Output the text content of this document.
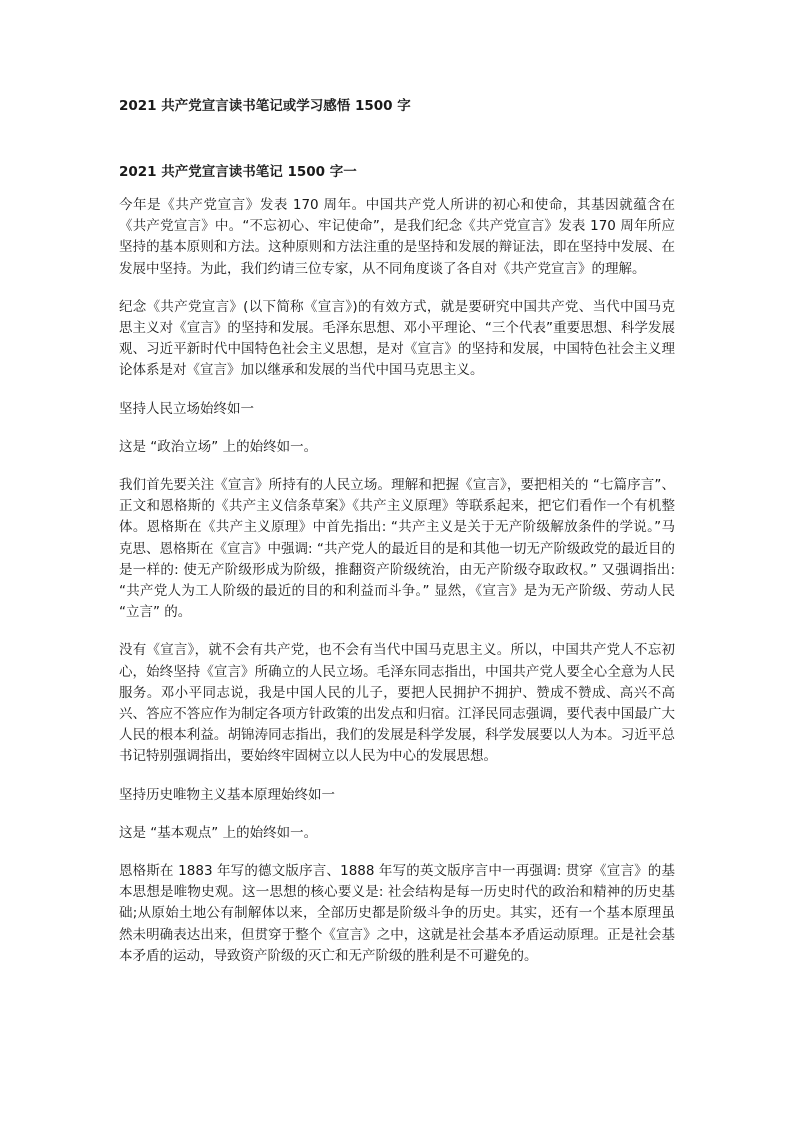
2021 共产党宣言读书笔记或学习感悟 1500 字

2021 共产党宣言读书笔记 1500 字一

今年是《共产党宣言》发表 170 周年。中国共产党人所讲的初心和使命，其基因就蕴含在《共产党宣言》中。“不忘初心、牢记使命”，是我们纪念《共产党宣言》发表 170 周年所应坚持的基本原则和方法。这种原则和方法注重的是坚持和发展的辩证法，即在坚持中发展、在发展中坚持。为此，我们约请三位专家，从不同角度谈了各自对《共产党宣言》的理解。

纪念《共产党宣言》(以下简称《宣言》)的有效方式，就是要研究中国共产党、当代中国马克思主义对《宣言》的坚持和发展。毛泽东思想、邓小平理论、“三个代表”重要思想、科学发展观、习近平新时代中国特色社会主义思想，是对《宣言》的坚持和发展，中国特色社会主义理论体系是对《宣言》加以继承和发展的当代中国马克思主义。

坚持人民立场始终如一

这是 “政治立场” 上的始终如一。

我们首先要关注《宣言》所持有的人民立场。理解和把握《宣言》，要把相关的 “七篇序言”、正文和恩格斯的《共产主义信条草案》《共产主义原理》等联系起来，把它们看作一个有机整体。恩格斯在《共产主义原理》中首先指出: “共产主义是关于无产阶级解放条件的学说。”马克思、恩格斯在《宣言》中强调: “共产党人的最近目的是和其他一切无产阶级政党的最近目的是一样的: 使无产阶级形成为阶级，推翻资产阶级统治，由无产阶级夺取政权。” 又强调指出: “共产党人为工人阶级的最近的目的和利益而斗争。” 显然，《宣言》是为无产阶级、劳动人民 “立言” 的。

没有《宣言》，就不会有共产党，也不会有当代中国马克思主义。所以，中国共产党人不忘初心，始终坚持《宣言》所确立的人民立场。毛泽东同志指出，中国共产党人要全心全意为人民服务。邓小平同志说，我是中国人民的儿子，要把人民拥护不拥护、赞成不赞成、高兴不高兴、答应不答应作为制定各项方针政策的出发点和归宿。江泽民同志强调，要代表中国最广大人民的根本利益。胡锦涛同志指出，我们的发展是科学发展，科学发展要以人为本。习近平总书记特别强调指出，要始终牢固树立以人民为中心的发展思想。

坚持历史唯物主义基本原理始终如一

这是 “基本观点” 上的始终如一。

恩格斯在 1883 年写的德文版序言、1888 年写的英文版序言中一再强调: 贯穿《宣言》的基本思想是唯物史观。这一思想的核心要义是: 社会结构是每一历史时代的政治和精神的历史基础;从原始土地公有制解体以来，全部历史都是阶级斗争的历史。其实，还有一个基本原理虽然未明确表达出来，但贯穿于整个《宣言》之中，这就是社会基本矛盾运动原理。正是社会基本矛盾的运动，导致资产阶级的灭亡和无产阶级的胜利是不可避免的。
